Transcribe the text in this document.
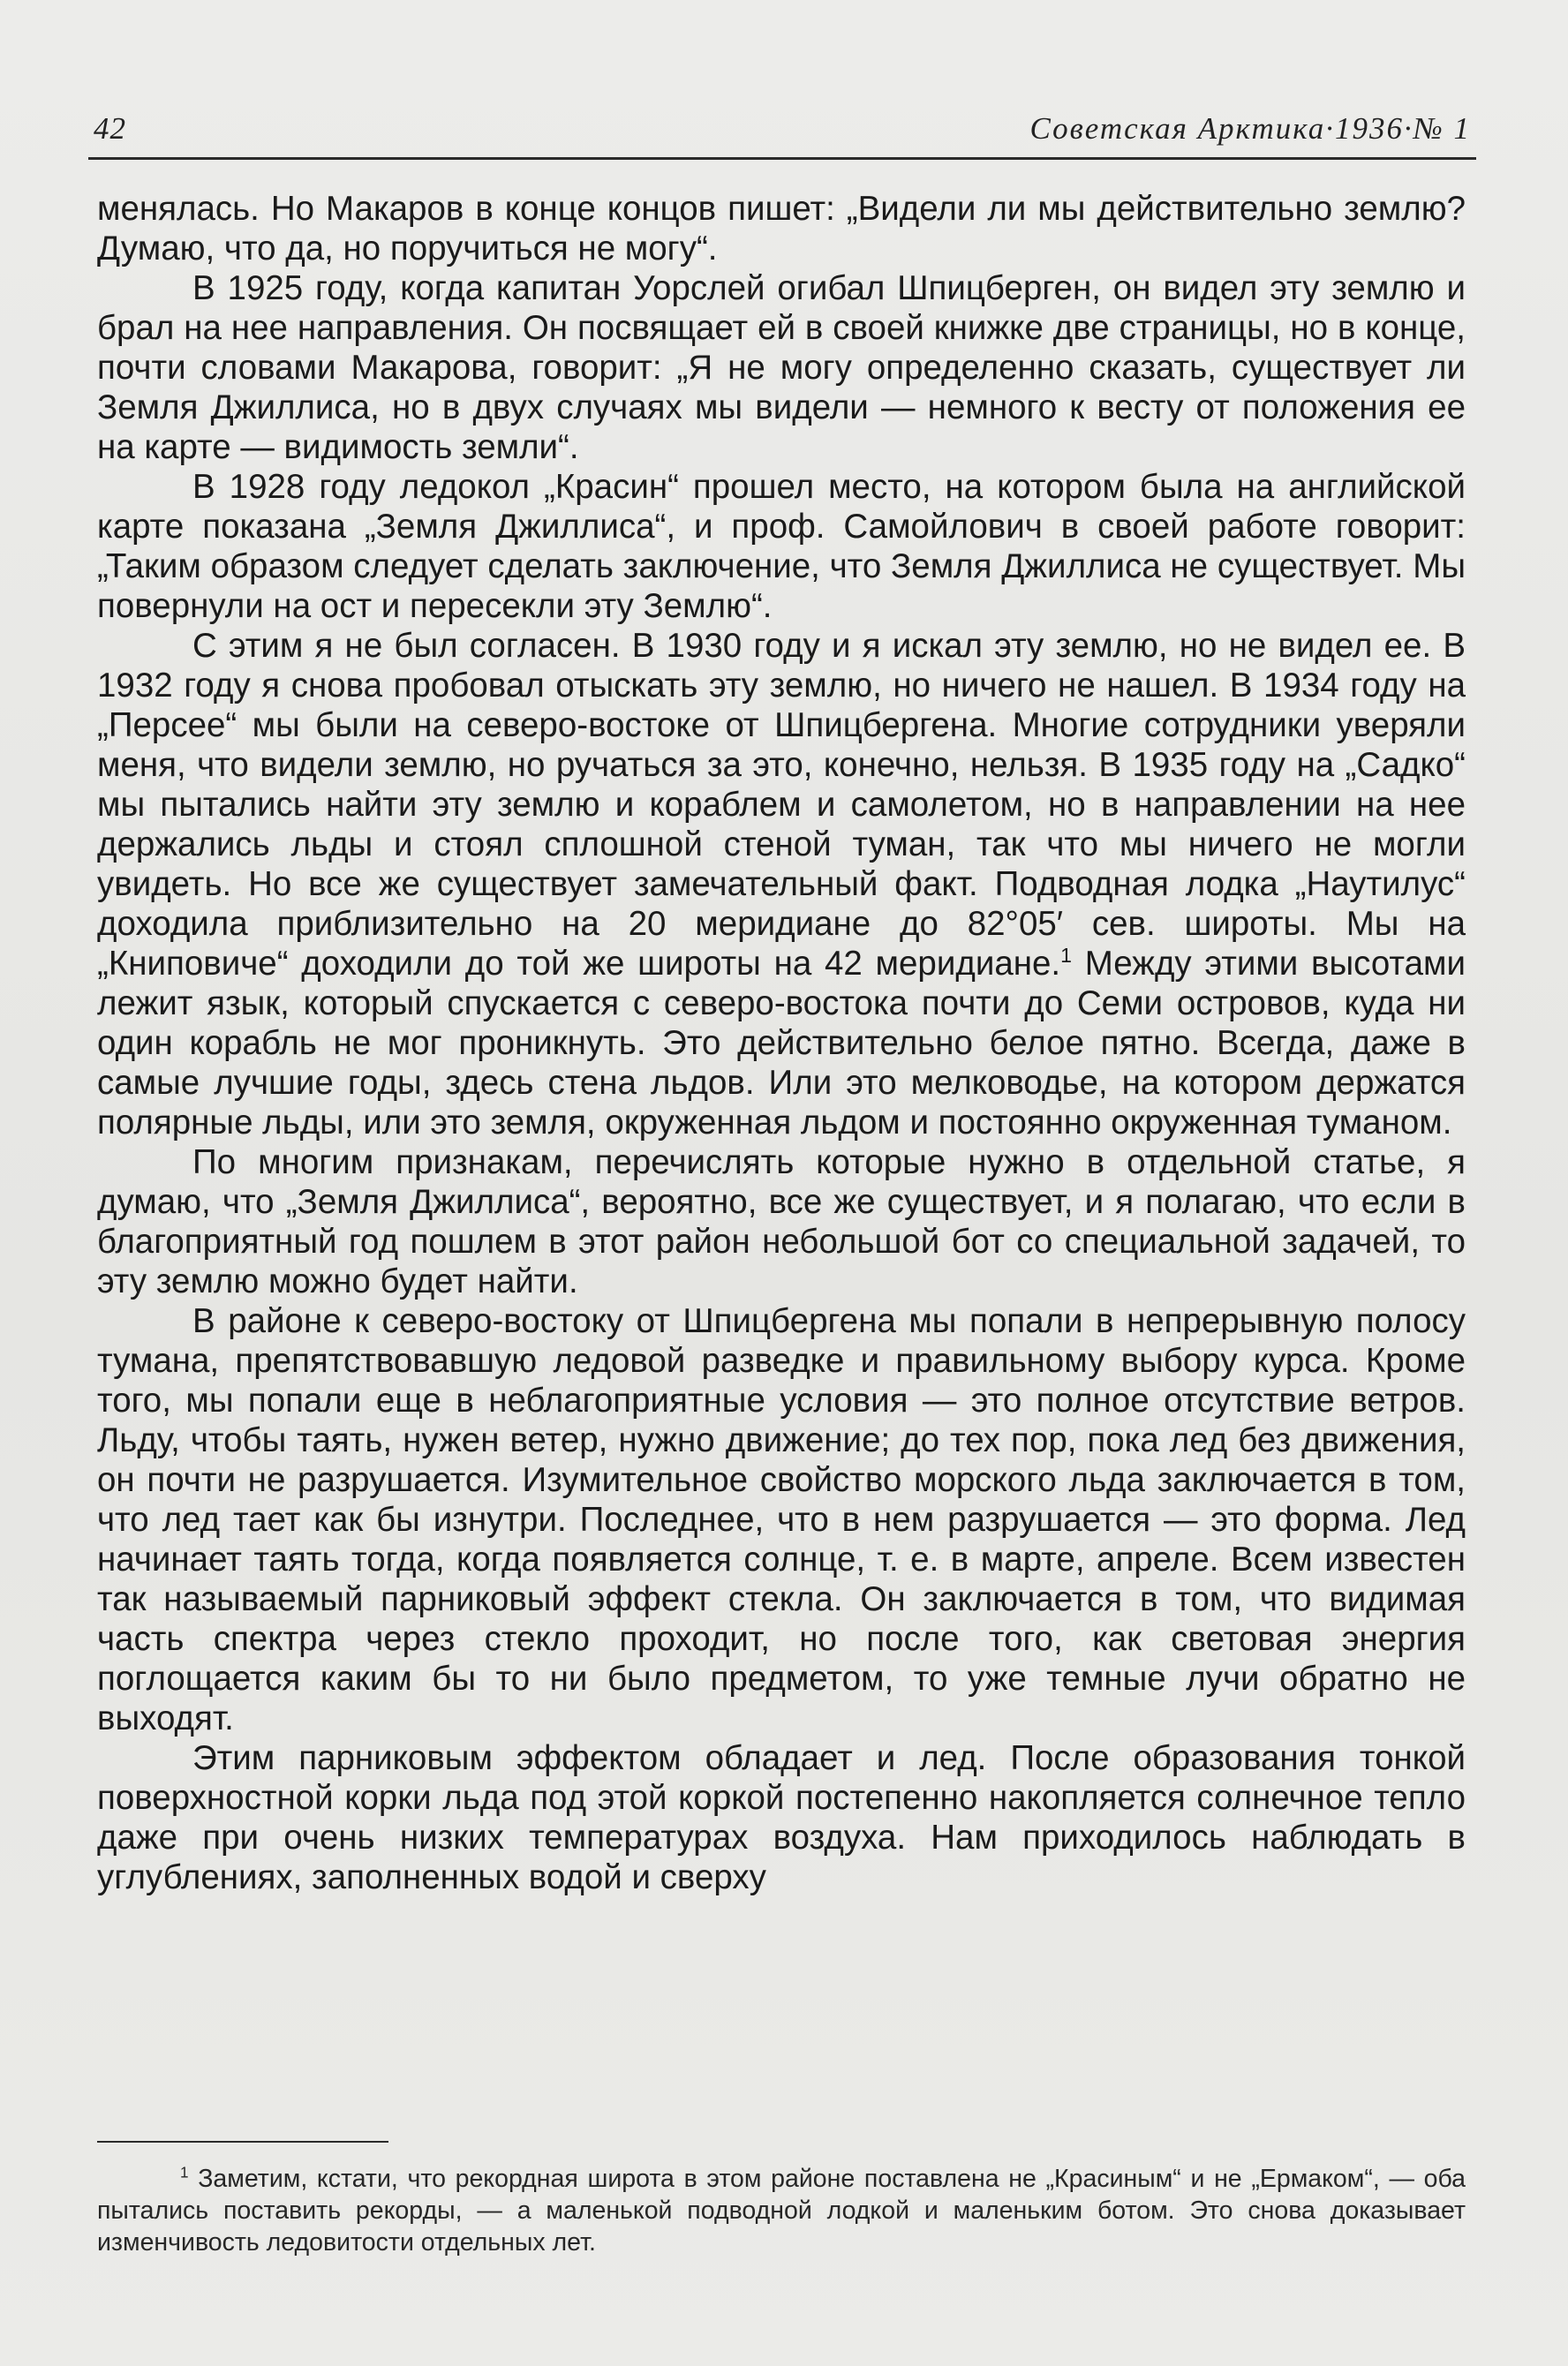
42	Советская Арктика·1936·№ 1

менялась. Но Макаров в конце концов пишет: „Видели ли мы действительно землю? Думаю, что да, но поручиться не могу“.

В 1925 году, когда капитан Уорслей огибал Шпицберген, он видел эту землю и брал на нее направления. Он посвящает ей в своей книжке две страницы, но в конце, почти словами Макарова, говорит: „Я не могу определенно сказать, существует ли Земля Джиллиса, но в двух случаях мы видели — немного к весту от положения ее на карте — видимость земли“.

В 1928 году ледокол „Красин“ прошел место, на котором была на английской карте показана „Земля Джиллиса“, и проф. Самойлович в своей работе говорит: „Таким образом следует сделать заключение, что Земля Джиллиса не существует. Мы повернули на ост и пересекли эту Землю“.

С этим я не был согласен. В 1930 году и я искал эту землю, но не видел ее. В 1932 году я снова пробовал отыскать эту землю, но ничего не нашел. В 1934 году на „Персее“ мы были на северо-востоке от Шпицбергена. Многие сотрудники уверяли меня, что видели землю, но ручаться за это, конечно, нельзя. В 1935 году на „Садко“ мы пытались найти эту землю и кораблем и самолетом, но в направлении на нее держались льды и стоял сплошной стеной туман, так что мы ничего не могли увидеть. Но все же существует замечательный факт. Подводная лодка „Наутилус“ доходила приблизительно на 20 меридиане до 82°05′ сев. широты. Мы на „Книповиче“ доходили до той же широты на 42 меридиане.$^1$ Между этими высотами лежит язык, который спускается с северо-востока почти до Семи островов, куда ни один корабль не мог проникнуть. Это действительно белое пятно. Всегда, даже в самые лучшие годы, здесь стена льдов. Или это мелководье, на котором держатся полярные льды, или это земля, окруженная льдом и постоянно окруженная туманом.

По многим признакам, перечислять которые нужно в отдельной статье, я думаю, что „Земля Джиллиса“, вероятно, все же существует, и я полагаю, что если в благоприятный год пошлем в этот район небольшой бот со специальной задачей, то эту землю можно будет найти.

В районе к северо-востоку от Шпицбергена мы попали в непрерывную полосу тумана, препятствовавшую ледовой разведке и правильному выбору курса. Кроме того, мы попали еще в неблагоприятные условия — это полное отсутствие ветров. Льду, чтобы таять, нужен ветер, нужно движение; до тех пор, пока лед без движения, он почти не разрушается. Изумительное свойство морского льда заключается в том, что лед тает как бы изнутри. Последнее, что в нем разрушается — это форма. Лед начинает таять тогда, когда появляется солнце, т. е. в марте, апреле. Всем известен так называемый парниковый эффект стекла. Он заключается в том, что видимая часть спектра через стекло проходит, но после того, как световая энергия поглощается каким бы то ни было предметом, то уже темные лучи обратно не выходят.

Этим парниковым эффектом обладает и лед. После образования тонкой поверхностной корки льда под этой коркой постепенно накопляется солнечное тепло даже при очень низких температурах воздуха. Нам приходилось наблюдать в углублениях, заполненных водой и сверху

$^1$ Заметим, кстати, что рекордная широта в этом районе поставлена не „Красиным“ и не „Ермаком“, — оба пытались поставить рекорды, — а маленькой подводной лодкой и маленьким ботом. Это снова доказывает изменчивость ледовитости отдельных лет.
